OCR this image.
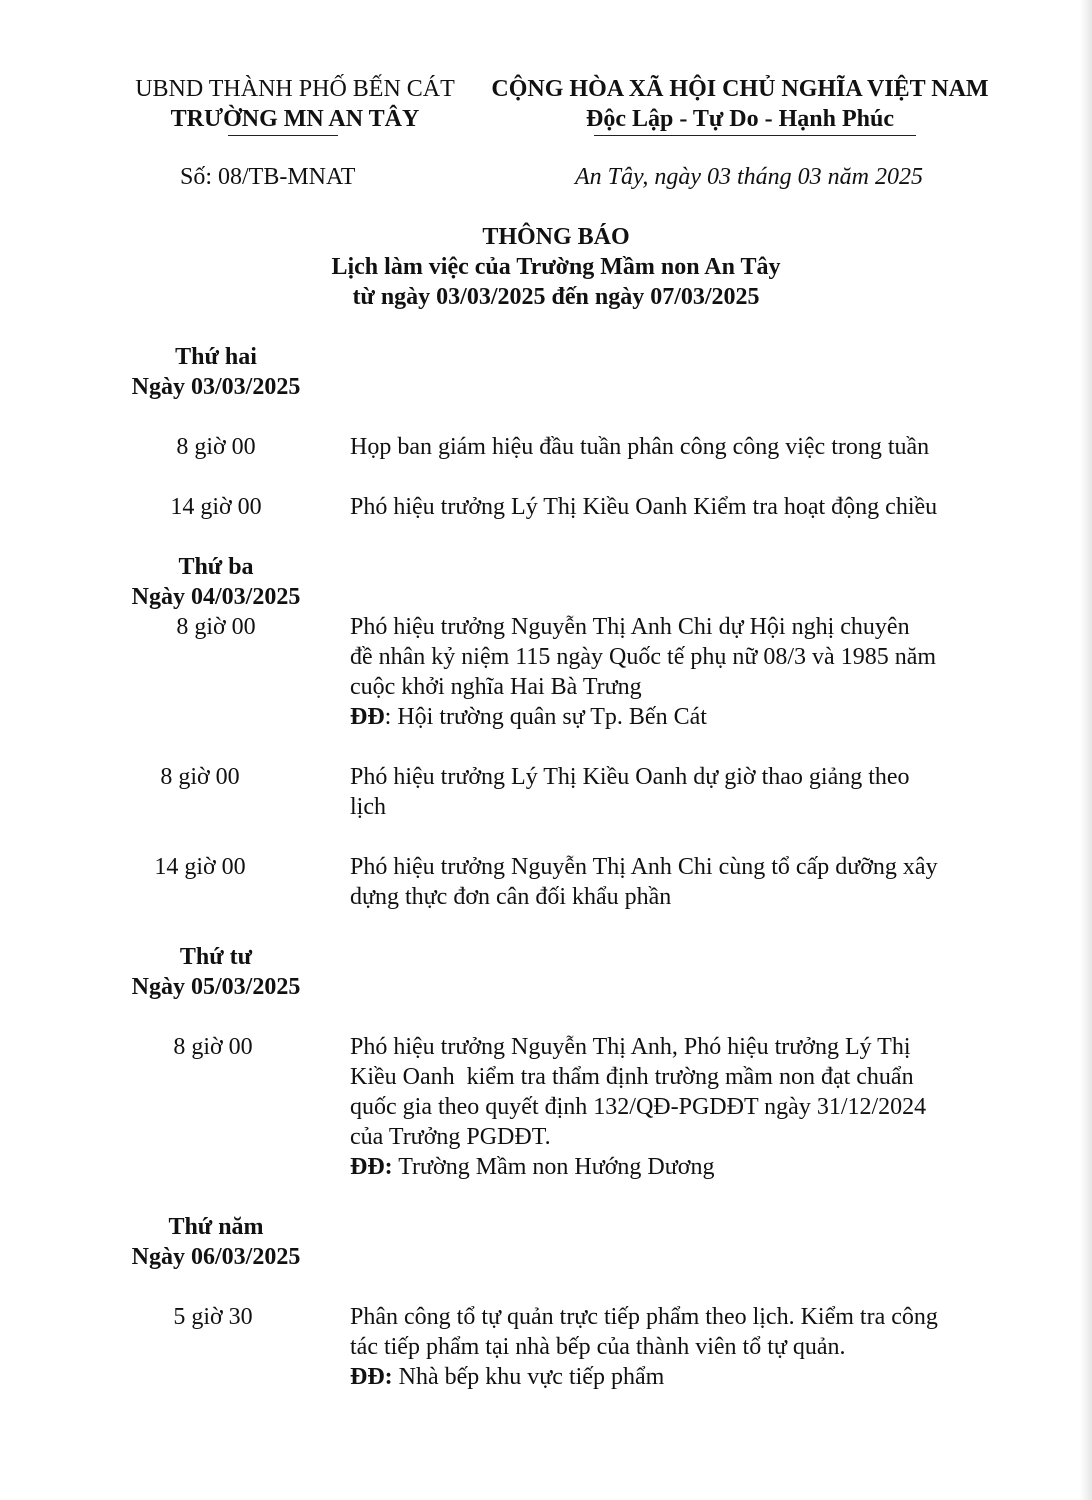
UBND THÀNH PHỐ BẾN CÁT
TRƯỜNG MN AN TÂY
CỘNG HÒA XÃ HỘI CHỦ NGHĨA VIỆT NAM
Độc Lập - Tự Do - Hạnh Phúc
Số: 08/TB-MNAT	An Tây, ngày 03 tháng 03 năm 2025
THÔNG BÁO
Lịch làm việc của Trường Mầm non An Tây
từ ngày 03/03/2025 đến ngày 07/03/2025
Thứ hai
Ngày 03/03/2025
8 giờ 00	Họp ban giám hiệu đầu tuần phân công công việc trong tuần
14 giờ 00	Phó hiệu trưởng Lý Thị Kiều Oanh Kiểm tra hoạt động chiều
Thứ ba
Ngày 04/03/2025
8 giờ 00	Phó hiệu trưởng Nguyễn Thị Anh Chi dự Hội nghị chuyên
đề nhân kỷ niệm 115 ngày Quốc tế phụ nữ 08/3 và 1985 năm
cuộc khởi nghĩa Hai Bà Trưng
ĐĐ: Hội trường quân sự Tp. Bến Cát
8 giờ 00	Phó hiệu trưởng Lý Thị Kiều Oanh dự giờ thao giảng theo
lịch
14 giờ 00	Phó hiệu trưởng Nguyễn Thị Anh Chi cùng tổ cấp dưỡng xây
dựng thực đơn cân đối khẩu phần
Thứ tư
Ngày 05/03/2025
8 giờ 00	Phó hiệu trưởng Nguyễn Thị Anh, Phó hiệu trưởng Lý Thị
Kiều Oanh  kiểm tra thẩm định trường mầm non đạt chuẩn
quốc gia theo quyết định 132/QĐ-PGDĐT ngày 31/12/2024
của Trưởng PGDĐT.
ĐĐ: Trường Mầm non Hướng Dương
Thứ năm
Ngày 06/03/2025
5 giờ 30	Phân công tổ tự quản trực tiếp phẩm theo lịch. Kiểm tra công
tác tiếp phẩm tại nhà bếp của thành viên tổ tự quản.
ĐĐ: Nhà bếp khu vực tiếp phẩm
